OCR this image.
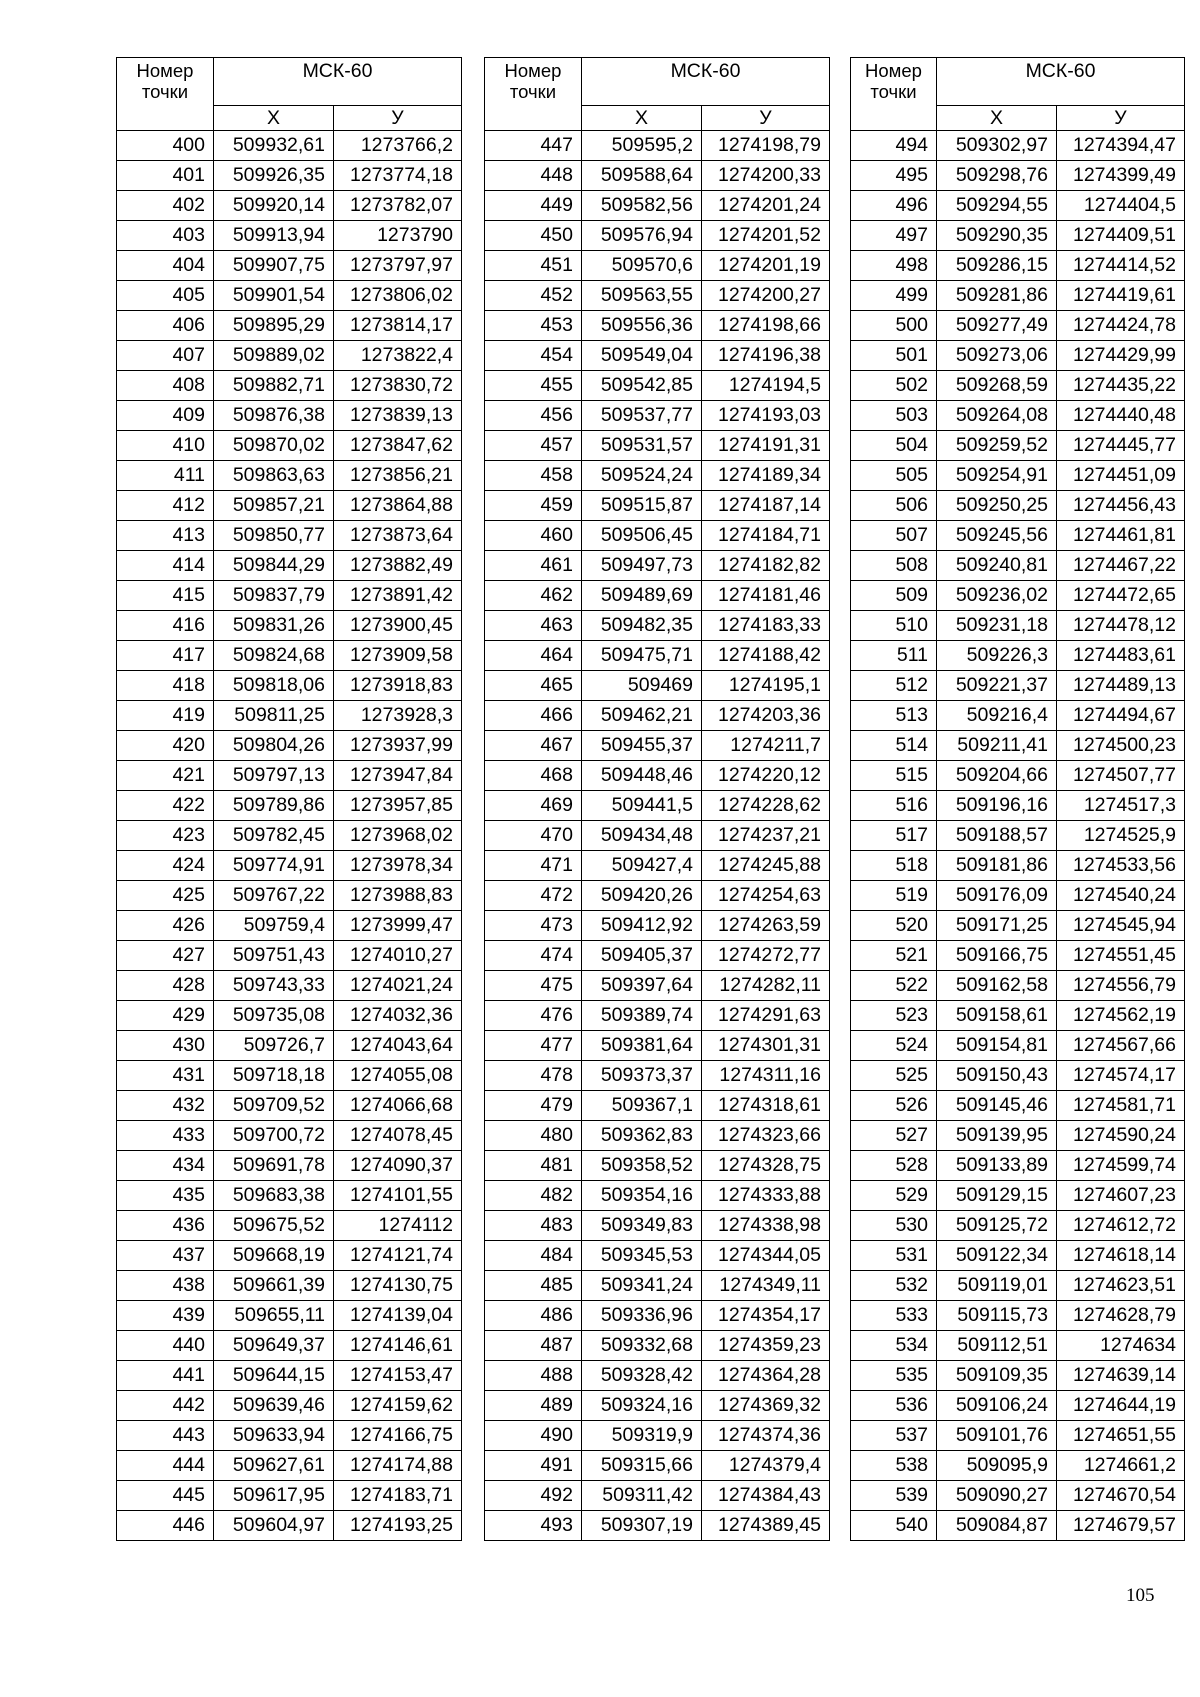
Номер точки	МСК-60	
	Х	У
400	509932,61	1273766,2
401	509926,35	1273774,18
402	509920,14	1273782,07
403	509913,94	1273790
404	509907,75	1273797,97
405	509901,54	1273806,02
406	509895,29	1273814,17
407	509889,02	1273822,4
408	509882,71	1273830,72
409	509876,38	1273839,13
410	509870,02	1273847,62
411	509863,63	1273856,21
412	509857,21	1273864,88
413	509850,77	1273873,64
414	509844,29	1273882,49
415	509837,79	1273891,42
416	509831,26	1273900,45
417	509824,68	1273909,58
418	509818,06	1273918,83
419	509811,25	1273928,3
420	509804,26	1273937,99
421	509797,13	1273947,84
422	509789,86	1273957,85
423	509782,45	1273968,02
424	509774,91	1273978,34
425	509767,22	1273988,83
426	509759,4	1273999,47
427	509751,43	1274010,27
428	509743,33	1274021,24
429	509735,08	1274032,36
430	509726,7	1274043,64
431	509718,18	1274055,08
432	509709,52	1274066,68
433	509700,72	1274078,45
434	509691,78	1274090,37
435	509683,38	1274101,55
436	509675,52	1274112
437	509668,19	1274121,74
438	509661,39	1274130,75
439	509655,11	1274139,04
440	509649,37	1274146,61
441	509644,15	1274153,47
442	509639,46	1274159,62
443	509633,94	1274166,75
444	509627,61	1274174,88
445	509617,95	1274183,71
446	509604,97	1274193,25
Номер точки	МСК-60	
	Х	У
447	509595,2	1274198,79
448	509588,64	1274200,33
449	509582,56	1274201,24
450	509576,94	1274201,52
451	509570,6	1274201,19
452	509563,55	1274200,27
453	509556,36	1274198,66
454	509549,04	1274196,38
455	509542,85	1274194,5
456	509537,77	1274193,03
457	509531,57	1274191,31
458	509524,24	1274189,34
459	509515,87	1274187,14
460	509506,45	1274184,71
461	509497,73	1274182,82
462	509489,69	1274181,46
463	509482,35	1274183,33
464	509475,71	1274188,42
465	509469	1274195,1
466	509462,21	1274203,36
467	509455,37	1274211,7
468	509448,46	1274220,12
469	509441,5	1274228,62
470	509434,48	1274237,21
471	509427,4	1274245,88
472	509420,26	1274254,63
473	509412,92	1274263,59
474	509405,37	1274272,77
475	509397,64	1274282,11
476	509389,74	1274291,63
477	509381,64	1274301,31
478	509373,37	1274311,16
479	509367,1	1274318,61
480	509362,83	1274323,66
481	509358,52	1274328,75
482	509354,16	1274333,88
483	509349,83	1274338,98
484	509345,53	1274344,05
485	509341,24	1274349,11
486	509336,96	1274354,17
487	509332,68	1274359,23
488	509328,42	1274364,28
489	509324,16	1274369,32
490	509319,9	1274374,36
491	509315,66	1274379,4
492	509311,42	1274384,43
493	509307,19	1274389,45
Номер точки	МСК-60	
	Х	У
494	509302,97	1274394,47
495	509298,76	1274399,49
496	509294,55	1274404,5
497	509290,35	1274409,51
498	509286,15	1274414,52
499	509281,86	1274419,61
500	509277,49	1274424,78
501	509273,06	1274429,99
502	509268,59	1274435,22
503	509264,08	1274440,48
504	509259,52	1274445,77
505	509254,91	1274451,09
506	509250,25	1274456,43
507	509245,56	1274461,81
508	509240,81	1274467,22
509	509236,02	1274472,65
510	509231,18	1274478,12
511	509226,3	1274483,61
512	509221,37	1274489,13
513	509216,4	1274494,67
514	509211,41	1274500,23
515	509204,66	1274507,77
516	509196,16	1274517,3
517	509188,57	1274525,9
518	509181,86	1274533,56
519	509176,09	1274540,24
520	509171,25	1274545,94
521	509166,75	1274551,45
522	509162,58	1274556,79
523	509158,61	1274562,19
524	509154,81	1274567,66
525	509150,43	1274574,17
526	509145,46	1274581,71
527	509139,95	1274590,24
528	509133,89	1274599,74
529	509129,15	1274607,23
530	509125,72	1274612,72
531	509122,34	1274618,14
532	509119,01	1274623,51
533	509115,73	1274628,79
534	509112,51	1274634
535	509109,35	1274639,14
536	509106,24	1274644,19
537	509101,76	1274651,55
538	509095,9	1274661,2
539	509090,27	1274670,54
540	509084,87	1274679,57
105
